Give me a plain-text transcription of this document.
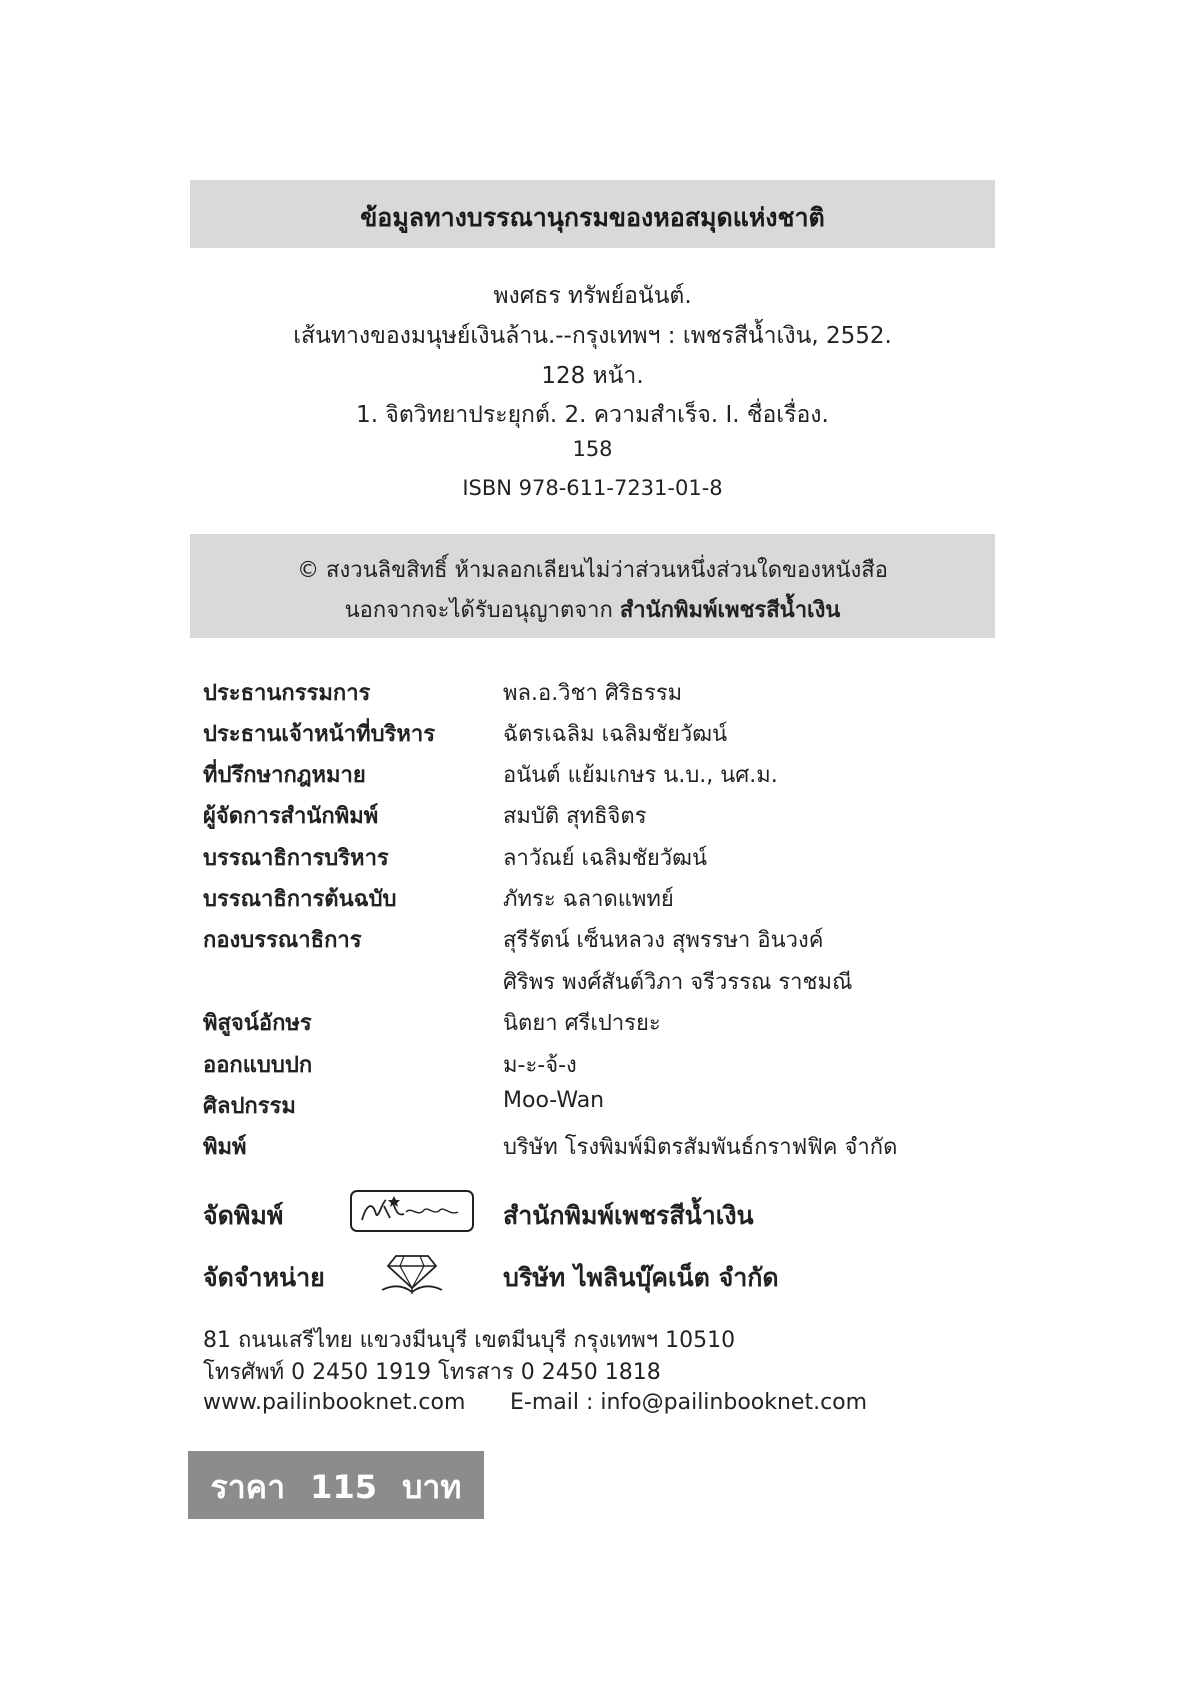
ข้อมูลทางบรรณานุกรมของหอสมุดแห่งชาติ
พงศธร ทรัพย์อนันต์.
เส้นทางของมนุษย์เงินล้าน.--กรุงเทพฯ : เพชรสีน้ำเงิน, 2552.
128 หน้า.
1. จิตวิทยาประยุกต์. 2. ความสำเร็จ. I. ชื่อเรื่อง.
158
ISBN 978-611-7231-01-8
© สงวนลิขสิทธิ์ ห้ามลอกเลียนไม่ว่าส่วนหนึ่งส่วนใดของหนังสือ
นอกจากจะได้รับอนุญาตจาก สำนักพิมพ์เพชรสีน้ำเงิน
ประธานกรรมการ	พล.อ.วิชา ศิริธรรม
ประธานเจ้าหน้าที่บริหาร	ฉัตรเฉลิม เฉลิมชัยวัฒน์
ที่ปรึกษากฎหมาย	อนันต์ แย้มเกษร น.บ., นศ.ม.
ผู้จัดการสำนักพิมพ์	สมบัติ สุทธิจิตร
บรรณาธิการบริหาร	ลาวัณย์ เฉลิมชัยวัฒน์
บรรณาธิการต้นฉบับ	ภัทระ ฉลาดแพทย์
กองบรรณาธิการ	สุรีรัตน์ เซ็นหลวง สุพรรษา อินวงค์
ศิริพร พงศ์สันต์วิภา จรีวรรณ ราชมณี
พิสูจน์อักษร	นิตยา ศรีเปารยะ
ออกแบบปก	ม-ะ-จ้-ง
ศิลปกรรม	Moo-Wan
พิมพ์	บริษัท โรงพิมพ์มิตรสัมพันธ์กราฟฟิค จำกัด
จัดพิมพ์	สำนักพิมพ์เพชรสีน้ำเงิน
จัดจำหน่าย	บริษัท ไพลินบุ๊คเน็ต จำกัด
81 ถนนเสรีไทย แขวงมีนบุรี เขตมีนบุรี กรุงเทพฯ 10510
โทรศัพท์ 0 2450 1919 โทรสาร 0 2450 1818
www.pailinbooknet.com E-mail : info@pailinbooknet.com
ราคา 115 บาท
